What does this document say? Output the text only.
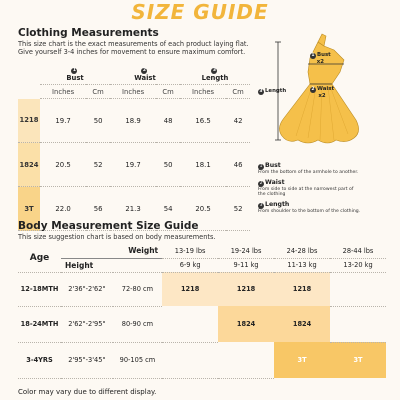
SIZE GUIDE
Clothing Measurements
This size chart is the exact measurements of each product laying flat.
Give yourself 3-4 inches for movement to ensure maximum comfort.
	1
Bust		2
Waist		3
Length	
	Inches	Cm	Inches	Cm	Inches	Cm
1218	19.7	50	18.9	48	16.5	42
1824	20.5	52	19.7	50	18.1	46
3T	22.0	56	21.3	54	20.5	52
1 Bust
x2
2 Waist
x2
3 Length
1 Bust
From the bottom of the armhole to another.
2 Waist
From side to side at the narrowest part of
the clothing
3 Length
From shoulder to the bottom of the clothing.
Body Measurement Size Guide
This size suggestion chart is based on body measurements.
Age	Weight		13-19 lbs	19-24 lbs	24-28 lbs	28-44 lbs
	Height		6-9 kg	9-11 kg	11-13 kg	13-20 kg
12-18MTH	2'36"-2'62"	72-80 cm	1218	1218	1218	
18-24MTH	2'62"-2'95"	80-90 cm		1824	1824	
3-4YRS	2'95"-3'45"	90-105 cm			3T	3T
Color may vary due to different display.
